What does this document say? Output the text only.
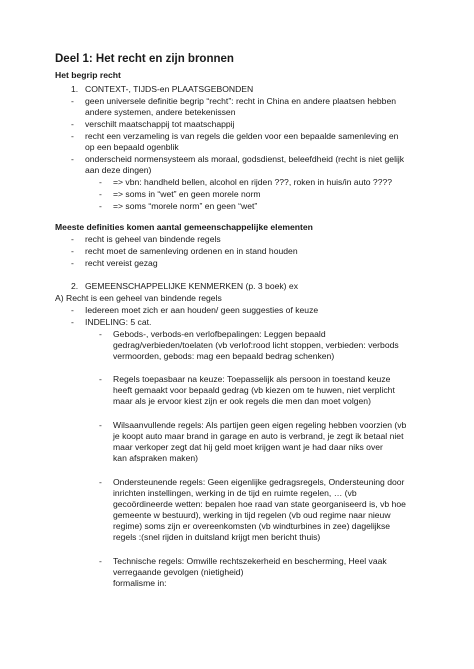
Deel 1: Het recht en zijn bronnen
Het begrip recht
1. CONTEXT-, TIJDS-en PLAATSGEBONDEN
- geen universele definitie begrip “recht”: recht in China en andere plaatsen hebben
andere systemen, andere betekenissen
- verschilt maatschappij tot maatschappij
- recht een verzameling is van regels die gelden voor een bepaalde samenleving en
op een bepaald ogenblik
- onderscheid normensysteem als moraal, godsdienst, beleefdheid (recht is niet gelijk
aan deze dingen)
- => vbn: handheld bellen, alcohol en rijden ???, roken in huis/in auto ????
- => soms in “wet” en geen morele norm
- => soms “morele norm” en geen “wet”
Meeste definities komen aantal gemeenschappelijke elementen
- recht is geheel van bindende regels
- recht moet de samenleving ordenen en in stand houden
- recht vereist gezag
2. GEMEENSCHAPPELIJKE KENMERKEN (p. 3 boek) ex
A) Recht is een geheel van bindende regels
- Iedereen moet zich er aan houden/ geen suggesties of keuze
- INDELING: 5 cat.
- Gebods-, verbods-en verlofbepalingen: Leggen bepaald
gedrag/verbieden/toelaten (vb verlof:rood licht stoppen, verbieden: verbods
vermoorden, gebods: mag een bepaald bedrag schenken)
- Regels toepasbaar na keuze: Toepasselijk als persoon in toestand keuze
heeft gemaakt voor bepaald gedrag (vb kiezen om te huwen, niet verplicht
maar als je ervoor kiest zijn er ook regels die men dan moet volgen)
- Wilsaanvullende regels: Als partijen geen eigen regeling hebben voorzien (vb
je koopt auto maar brand in garage en auto is verbrand, je zegt ik betaal niet
maar verkoper zegt dat hij geld moet krijgen want je had daar niks over
kan afspraken maken)
- Ondersteunende regels: Geen eigenlijke gedragsregels, Ondersteuning door
inrichten instellingen, werking in de tijd en ruimte regelen, … (vb
gecoördineerde wetten: bepalen hoe raad van state georganiseerd is, vb hoe
gemeente w bestuurd), werking in tijd regelen (vb oud regime naar nieuw
regime) soms zijn er overeenkomsten (vb windturbines in zee) dagelijkse
regels :(snel rijden in duitsland krijgt men bericht thuis)
- Technische regels: Omwille rechtszekerheid en bescherming, Heel vaak
verregaande gevolgen (nietigheid)
formalisme in:
